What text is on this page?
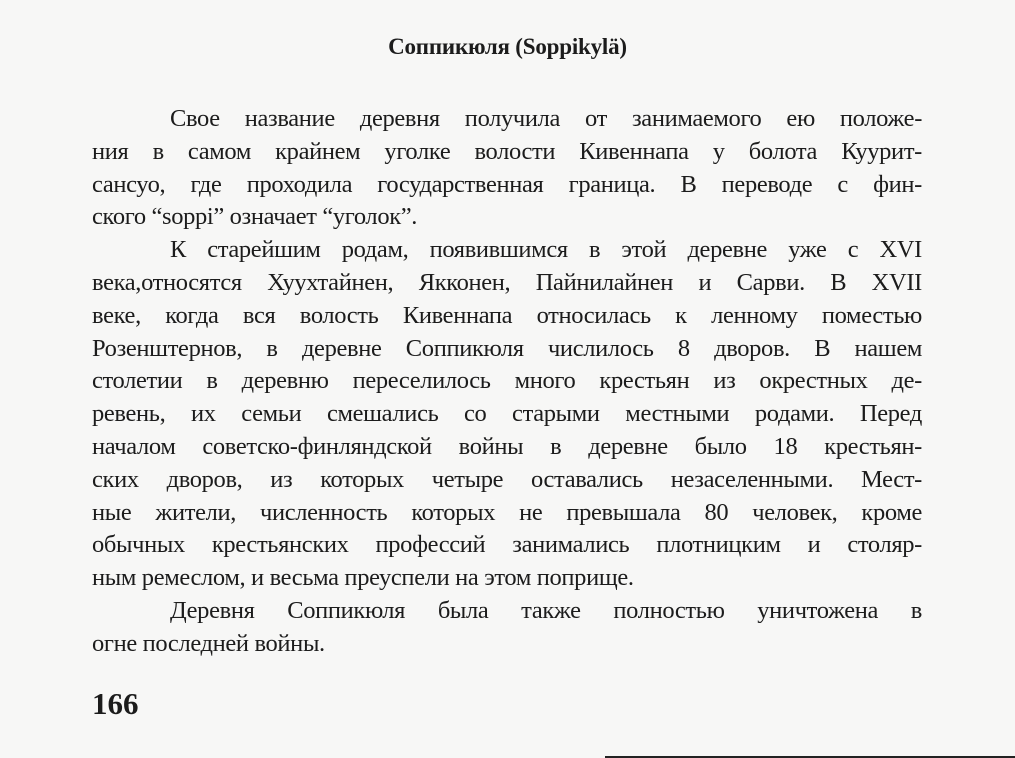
Соппикюля (Soppikylä)
Свое название деревня получила от занимаемого ею положе-
ния в самом крайнем уголке волости Кивеннапа у болота Куурит-
сансуо, где проходила государственная граница. В переводе с фин-
ского “soppi” означает “уголок”.
К старейшим родам, появившимся в этой деревне уже с XVI
века,относятся Хуухтайнен, Якконен, Пайнилайнен и Сарви. В XVII
веке, когда вся волость Кивеннапа относилась к ленному поместью
Розенштернов, в деревне Соппикюля числилось 8 дворов. В нашем
столетии в деревню переселилось много крестьян из окрестных де-
ревень, их семьи смешались со старыми местными родами. Перед
началом советско-финляндской войны в деревне было 18 крестьян-
ских дворов, из которых четыре оставались незаселенными. Мест-
ные жители, численность которых не превышала 80 человек, кроме
обычных крестьянских профессий занимались плотницким и столяр-
ным ремеслом, и весьма преуспели на этом поприще.
Деревня Соппикюля была также полностью уничтожена в
огне последней войны.
166
